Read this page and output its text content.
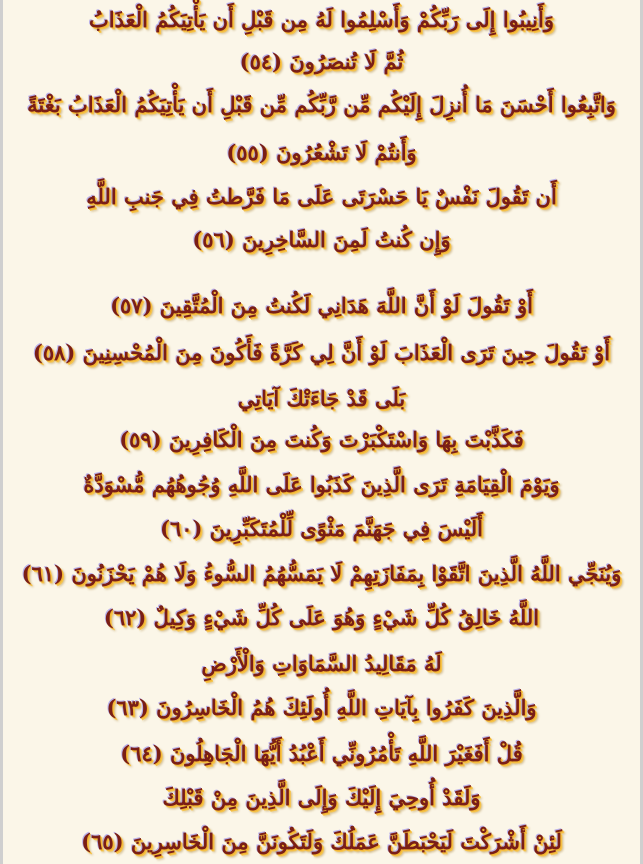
وَأَنِيبُوا إِلَى رَبِّكُمْ وَأَسْلِمُوا لَهُ مِن قَبْلِ أَن يَأْتِيَكُمُ الْعَذَابُ
ثُمَّ لَا تُنصَرُونَ (٥٤)
وَاتَّبِعُوا أَحْسَنَ مَا أُنزِلَ إِلَيْكُم مِّن رَّبِّكُم مِّن قَبْلِ أَن يَأْتِيَكُمُ الْعَذَابُ بَغْتَةً
وَأَنتُمْ لَا تَشْعُرُونَ (٥٥)
أَن تَقُولَ نَفْسٌ يَا حَسْرَتَى عَلَى مَا فَرَّطتُ فِي جَنبِ اللَّهِ
وَإِن كُنتُ لَمِنَ السَّاخِرِينَ (٥٦)
أَوْ تَقُولَ لَوْ أَنَّ اللَّهَ هَدَانِي لَكُنتُ مِنَ الْمُتَّقِينَ (٥٧)
أَوْ تَقُولَ حِينَ تَرَى الْعَذَابَ لَوْ أَنَّ لِي كَرَّةً فَأَكُونَ مِنَ الْمُحْسِنِينَ (٥٨)
بَلَى قَدْ جَاءَتْكَ آيَاتِي
فَكَذَّبْتَ بِهَا وَاسْتَكْبَرْتَ وَكُنتَ مِنَ الْكَافِرِينَ (٥٩)
وَيَوْمَ الْقِيَامَةِ تَرَى الَّذِينَ كَذَبُوا عَلَى اللَّهِ وُجُوهُهُم مُّسْوَدَّةٌ
أَلَيْسَ فِي جَهَنَّمَ مَثْوًى لِّلْمُتَكَبِّرِينَ (٦٠)
وَيُنَجِّي اللَّهُ الَّذِينَ اتَّقَوْا بِمَفَازَتِهِمْ لَا يَمَسُّهُمُ السُّوءُ وَلَا هُمْ يَحْزَنُونَ (٦١)
اللَّهُ خَالِقُ كُلِّ شَيْءٍ وَهُوَ عَلَى كُلِّ شَيْءٍ وَكِيلٌ (٦٢)
لَهُ مَقَالِيدُ السَّمَاوَاتِ وَالْأَرْضِ
وَالَّذِينَ كَفَرُوا بِآيَاتِ اللَّهِ أُولَئِكَ هُمُ الْخَاسِرُونَ (٦٣)
قُلْ أَفَغَيْرَ اللَّهِ تَأْمُرُونِّي أَعْبُدُ أَيُّهَا الْجَاهِلُونَ (٦٤)
وَلَقَدْ أُوحِيَ إِلَيْكَ وَإِلَى الَّذِينَ مِنْ قَبْلِكَ
لَئِنْ أَشْرَكْتَ لَيَحْبَطَنَّ عَمَلُكَ وَلَتَكُونَنَّ مِنَ الْخَاسِرِينَ (٦٥)
